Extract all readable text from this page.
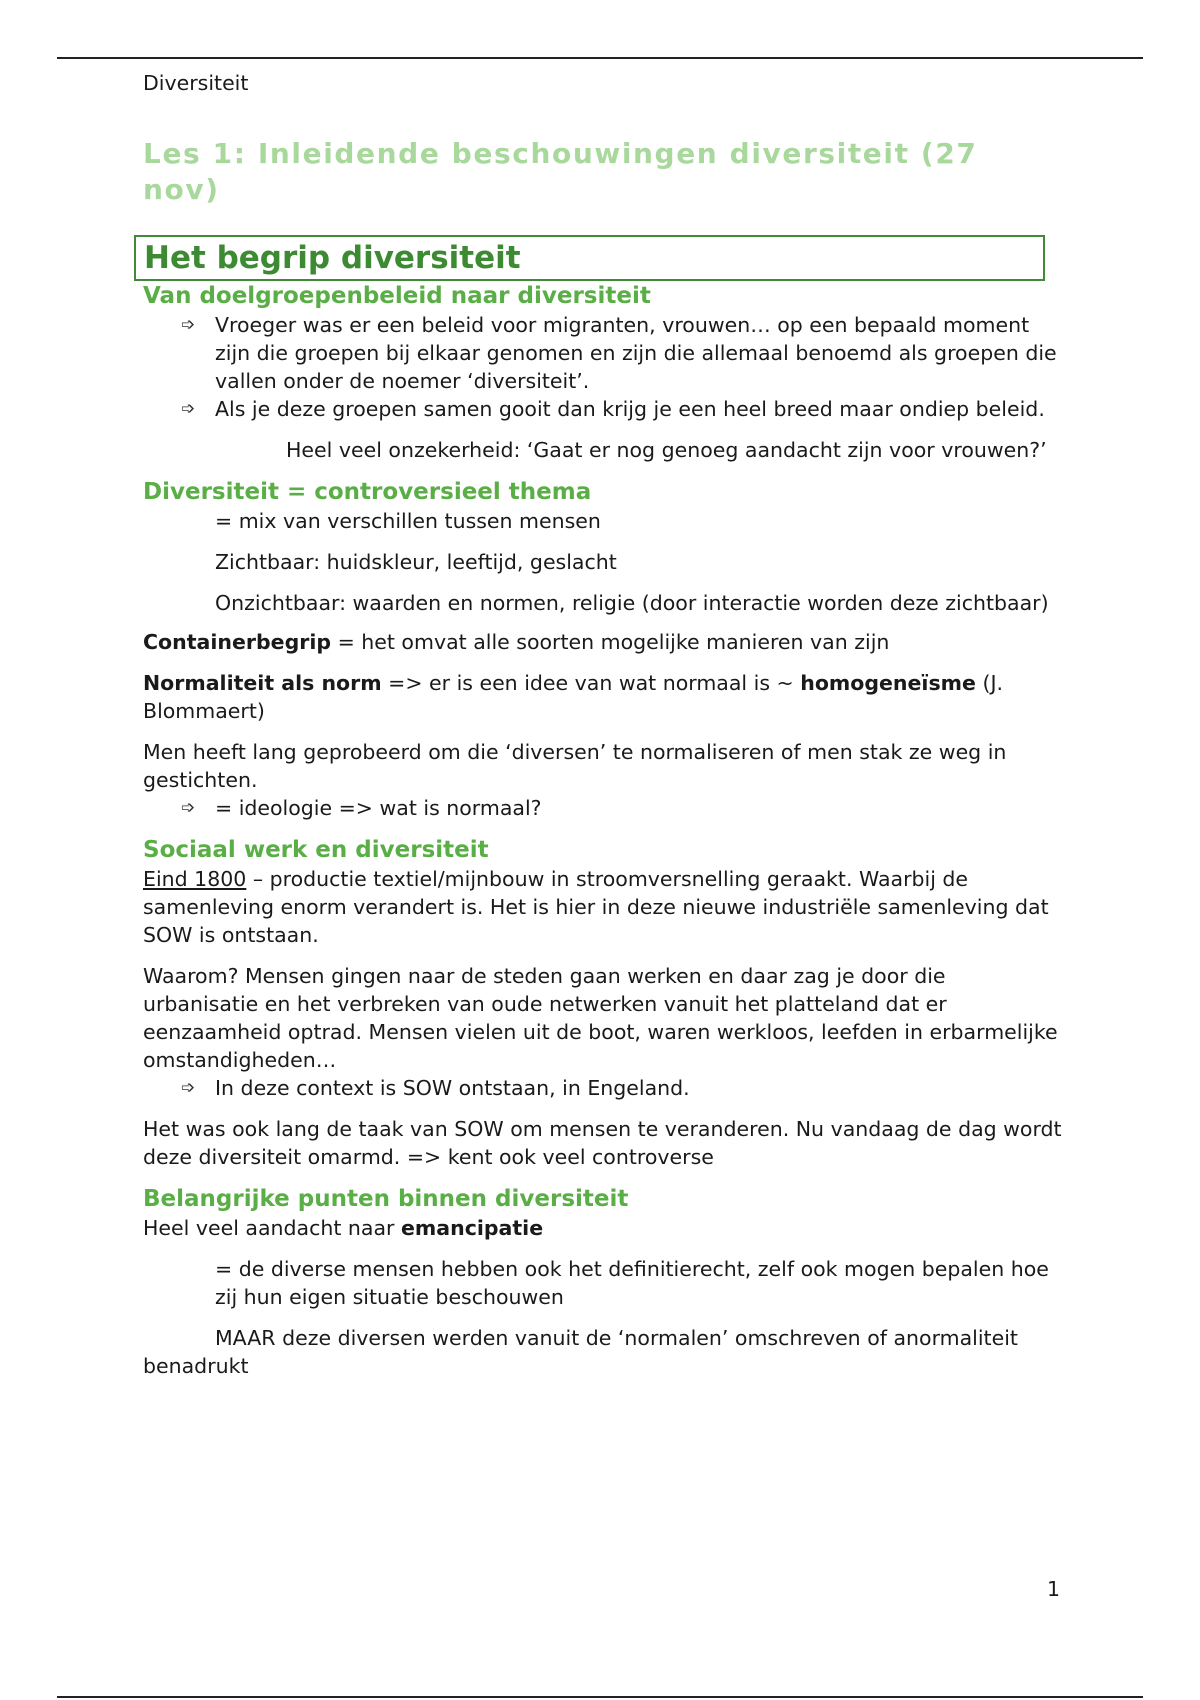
Diversiteit

Les 1: Inleidende beschouwingen diversiteit (27 nov)
Het begrip diversiteit
Van doelgroepenbeleid naar diversiteit
➩ Vroeger was er een beleid voor migranten, vrouwen… op een bepaald moment zijn die groepen bij elkaar genomen en zijn die allemaal benoemd als groepen die vallen onder de noemer ‘diversiteit’.
➩ Als je deze groepen samen gooit dan krijg je een heel breed maar ondiep beleid.

Heel veel onzekerheid: ‘Gaat er nog genoeg aandacht zijn voor vrouwen?’

Diversiteit = controversieel thema

= mix van verschillen tussen mensen

Zichtbaar: huidskleur, leeftijd, geslacht

Onzichtbaar: waarden en normen, religie (door interactie worden deze zichtbaar)

Containerbegrip = het omvat alle soorten mogelijke manieren van zijn

Normaliteit als norm => er is een idee van wat normaal is ~ homogeneïsme (J. Blommaert)

Men heeft lang geprobeerd om die ‘diversen’ te normaliseren of men stak ze weg in gestichten.

➩ = ideologie => wat is normaal?
Sociaal werk en diversiteit

Eind 1800 – productie textiel/mijnbouw in stroomversnelling geraakt. Waarbij de samenleving enorm verandert is. Het is hier in deze nieuwe industriële samenleving dat SOW is ontstaan.

Waarom? Mensen gingen naar de steden gaan werken en daar zag je door die urbanisatie en het verbreken van oude netwerken vanuit het platteland dat er eenzaamheid optrad. Mensen vielen uit de boot, waren werkloos, leefden in erbarmelijke omstandigheden…

➩ In deze context is SOW ontstaan, in Engeland.

Het was ook lang de taak van SOW om mensen te veranderen. Nu vandaag de dag wordt deze diversiteit omarmd. => kent ook veel controverse

Belangrijke punten binnen diversiteit

Heel veel aandacht naar emancipatie

= de diverse mensen hebben ook het definitierecht, zelf ook mogen bepalen hoe zij hun eigen situatie beschouwen

MAAR deze diversen werden vanuit de ‘normalen’ omschreven of anormaliteit benadrukt

1
